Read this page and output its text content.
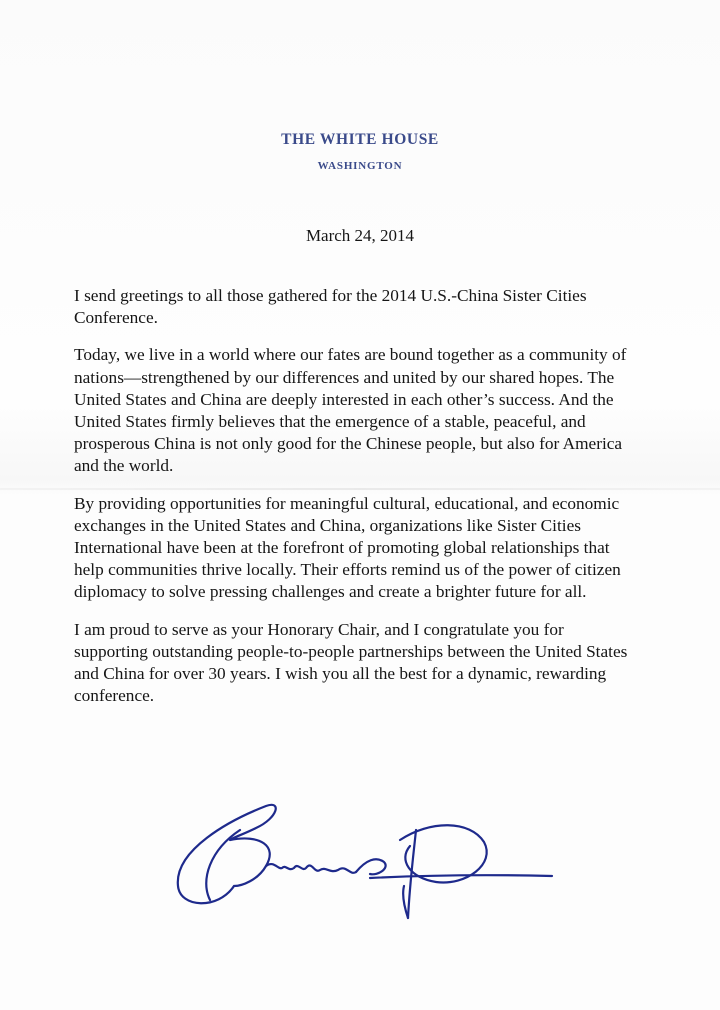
THE WHITE HOUSE
WASHINGTON
March 24, 2014

I send greetings to all those gathered for the 2014 U.S.-China Sister Cities Conference.

Today, we live in a world where our fates are bound together as a community of nations—strengthened by our differences and united by our shared hopes. The United States and China are deeply interested in each other’s success. And the United States firmly believes that the emergence of a stable, peaceful, and prosperous China is not only good for the Chinese people, but also for America and the world.

By providing opportunities for meaningful cultural, educational, and economic exchanges in the United States and China, organizations like Sister Cities International have been at the forefront of promoting global relationships that help communities thrive locally. Their efforts remind us of the power of citizen diplomacy to solve pressing challenges and create a brighter future for all.

I am proud to serve as your Honorary Chair, and I congratulate you for supporting outstanding people-to-people partnerships between the United States and China for over 30 years. I wish you all the best for a dynamic, rewarding conference.
